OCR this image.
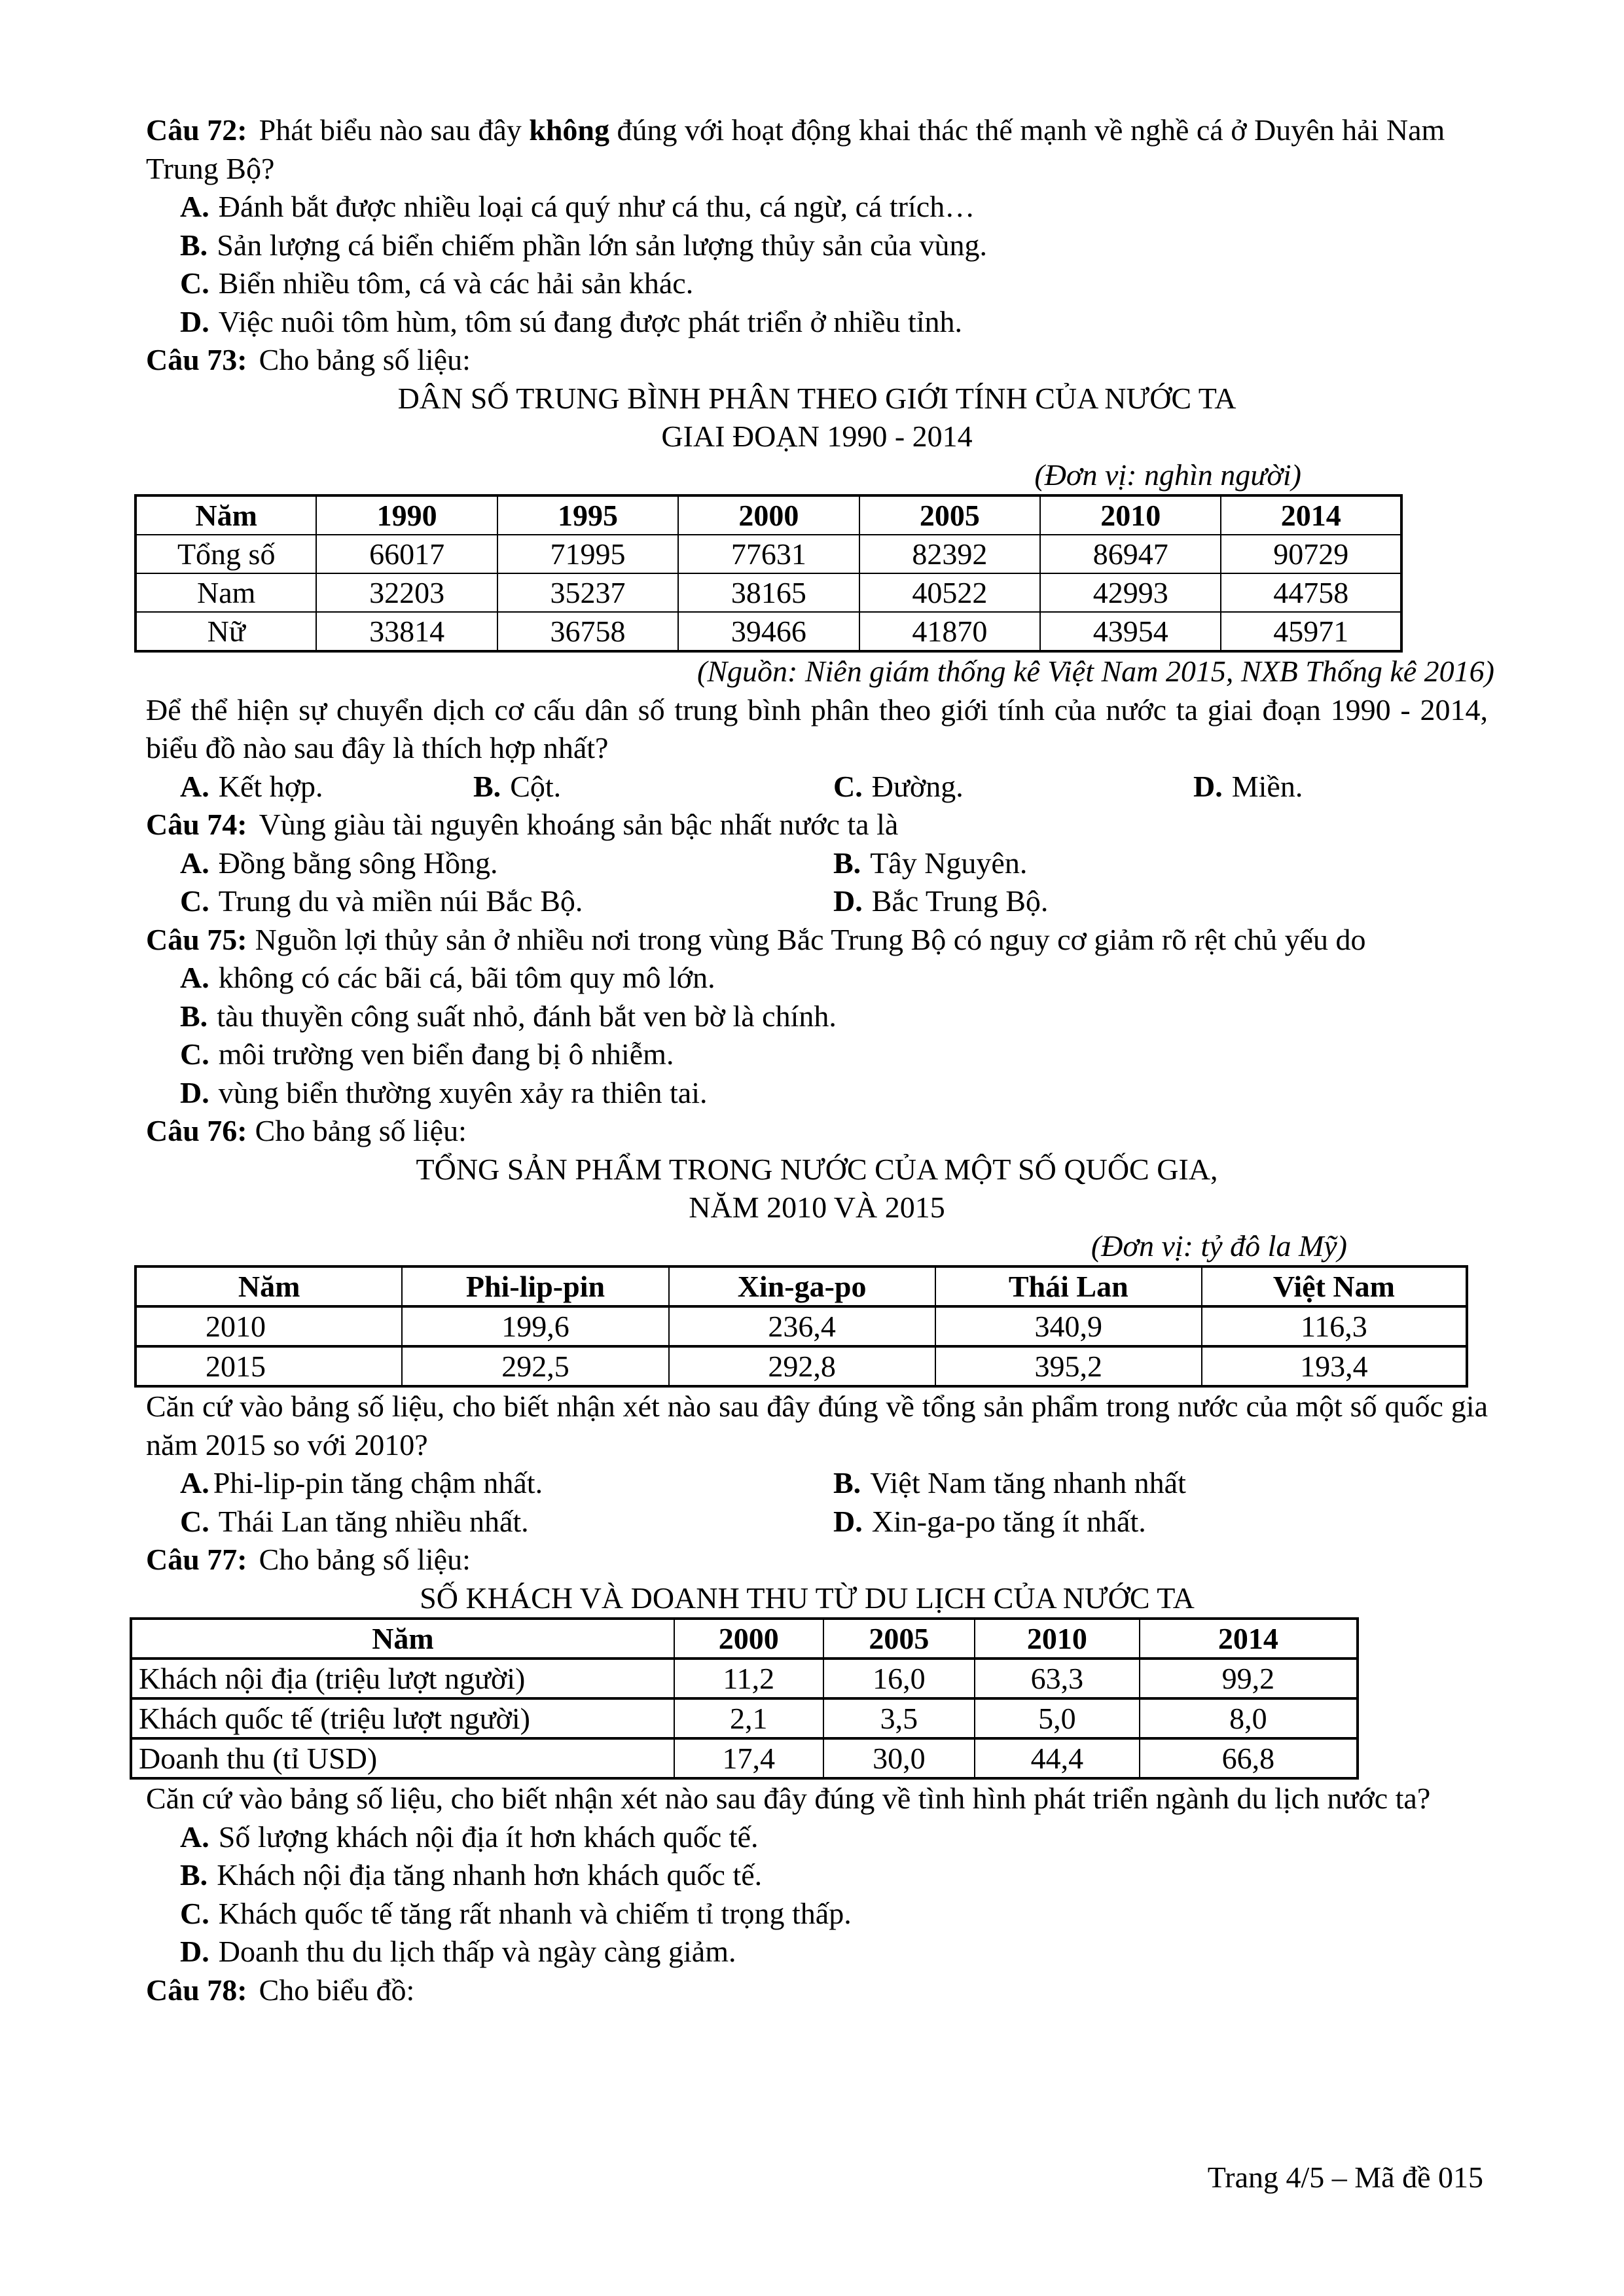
Câu 72: Phát biểu nào sau đây không đúng với hoạt động khai thác thế mạnh về nghề cá ở Duyên hải Nam Trung Bộ?
A. Đánh bắt được nhiều loại cá quý như cá thu, cá ngừ, cá trích…
B. Sản lượng cá biển chiếm phần lớn sản lượng thủy sản của vùng.
C. Biển nhiều tôm, cá và các hải sản khác.
D. Việc nuôi tôm hùm, tôm sú đang được phát triển ở nhiều tỉnh.
Câu 73: Cho bảng số liệu:
DÂN SỐ TRUNG BÌNH PHÂN THEO GIỚI TÍNH CỦA NƯỚC TA
GIAI ĐOẠN 1990 - 2014
(Đơn vị: nghìn người)
Năm	1990	1995	2000	2005	2010	2014
Tổng số	66017	71995	77631	82392	86947	90729
Nam	32203	35237	38165	40522	42993	44758
Nữ	33814	36758	39466	41870	43954	45971
(Nguồn: Niên giám thống kê Việt Nam 2015, NXB Thống kê 2016)
Để thể hiện sự chuyển dịch cơ cấu dân số trung bình phân theo giới tính của nước ta giai đoạn 1990 - 2014, biểu đồ nào sau đây là thích hợp nhất?
A. Kết hợp.	B. Cột.	C. Đường.	D. Miền.
Câu 74: Vùng giàu tài nguyên khoáng sản bậc nhất nước ta là
A. Đồng bằng sông Hồng.	B. Tây Nguyên.
C. Trung du và miền núi Bắc Bộ.	D. Bắc Trung Bộ.
Câu 75: Nguồn lợi thủy sản ở nhiều nơi trong vùng Bắc Trung Bộ có nguy cơ giảm rõ rệt chủ yếu do
A. không có các bãi cá, bãi tôm quy mô lớn.
B. tàu thuyền công suất nhỏ, đánh bắt ven bờ là chính.
C. môi trường ven biển đang bị ô nhiễm.
D. vùng biển thường xuyên xảy ra thiên tai.
Câu 76: Cho bảng số liệu:
TỔNG SẢN PHẨM TRONG NƯỚC CỦA MỘT SỐ QUỐC GIA,
NĂM 2010 VÀ 2015
(Đơn vị: tỷ đô la Mỹ)
Năm	Phi-lip-pin	Xin-ga-po	Thái Lan	Việt Nam
2010	199,6	236,4	340,9	116,3
2015	292,5	292,8	395,2	193,4
Căn cứ vào bảng số liệu, cho biết nhận xét nào sau đây đúng về tổng sản phẩm trong nước của một số quốc gia năm 2015 so với 2010?
A. Phi-lip-pin tăng chậm nhất.	B. Việt Nam tăng nhanh nhất
C. Thái Lan tăng nhiều nhất.	D. Xin-ga-po tăng ít nhất.
Câu 77: Cho bảng số liệu:
SỐ KHÁCH VÀ DOANH THU TỪ DU LỊCH CỦA NƯỚC TA
Năm	2000	2005	2010	2014
Khách nội địa (triệu lượt người)	11,2	16,0	63,3	99,2
Khách quốc tế (triệu lượt người)	2,1	3,5	5,0	8,0
Doanh thu (tỉ USD)	17,4	30,0	44,4	66,8
Căn cứ vào bảng số liệu, cho biết nhận xét nào sau đây đúng về tình hình phát triển ngành du lịch nước ta?
A. Số lượng khách nội địa ít hơn khách quốc tế.
B. Khách nội địa tăng nhanh hơn khách quốc tế.
C. Khách quốc tế tăng rất nhanh và chiếm tỉ trọng thấp.
D. Doanh thu du lịch thấp và ngày càng giảm.
Câu 78: Cho biểu đồ:
Trang 4/5 – Mã đề 015
